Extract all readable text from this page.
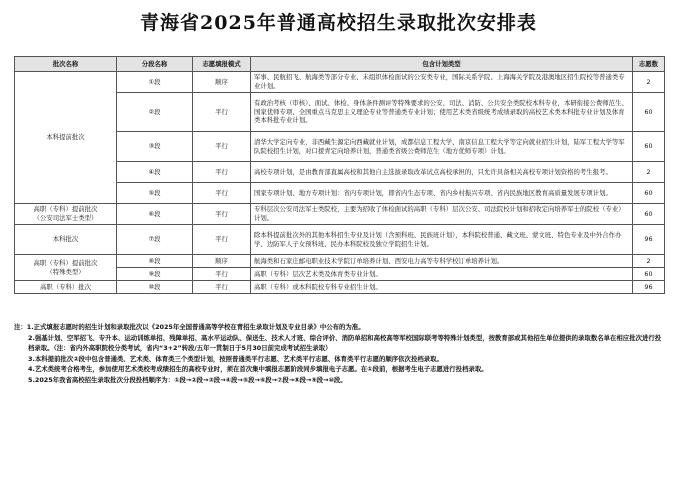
青海省2025年普通高校招生录取批次安排表
批次名称	分段名称	志愿填报模式	包含计划类型	志愿数
本科提前批次	①段	顺序	军事、民航招飞、航海类等部分专业、未组织体检面试的公安类专业，国际关系学院、上海海关学院及港澳地区招生院校等普通类专业计划。	2
	②段	平行	有政治考核（审核）、面试、体检、身体条件测评等特殊要求的公安、司法、消防、公共安全类院校本科专业，本研衔接公费师范生、国家优师专项、全国重点马克思主义理论专业等普通类专业计划；使用艺术类省级统考成绩录取的高校艺术类本科批专业计划及体育类本科批专业计划。	60
	③段	平行	清华大学定向专业，非西藏生源定向西藏就业计划，成都信息工程大学、南京信息工程大学等定向就业招生计划，陆军工程大学等军队院校招生计划，对口援青定向培养计划，普通类省级公费师范生（地方优师专项）计划。	60
	④段	平行	高校专项计划，是由教育部直属高校和其他自主选拔录取改革试点高校承担的，只允许具备相关高校专项计划资格的考生报考。	2
	⑤段	平行	国家专项计划、地方专项计划：省内专项计划，即省内生态专项、省内乡村振兴专项、省内民族地区教育高质量发展专项计划。	60
高职（专科）提前批次
（公安司法军士类型）	⑥段	平行	专科层次公安司法军士类院校，主要为招收了体检面试的高职（专科）层次公安、司法院校计划和招收定向培养军士的院校（专业）计划。	60
本科批次	⑦段	平行	除本科提前批次外的其他本科招生专业及计划（含预科班、民族班计划），本科院校普通、藏文班、蒙文班、特色专业及中外合作办学、边防军人子女预科班、民办本科院校及独立学院招生计划。	96
高职（专科）提前批次
（特殊类型）	⑧段	顺序	航海类和石家庄邮电职业技术学院订单培养计划、西安电力高等专科学校订单培养计划。	2
	⑨段	平行	高职（专科）层次艺术类及体育类专业计划。	60
高职（专科）批次	⑩段	平行	高职（专科）或本科院校专科专业招生计划。	96

注：1.正式填报志愿时的招生计划和录取批次以《2025年全国普通高等学校在青招生录取计划及专业目录》中公布的为准。

2.强基计划、空军招飞、专升本、运动训练单招、残障单招、高水平运动队、保送生、技术人才班、综合评价、消防单招和高校高等军校国际联考等特殊计划类型，按教育部或其他招生单位提供的录取数名单在相应批次进行投档录取。（注：省内外高职院校分类考试，省内“3+2”转段/五年一贯制日于5月30日前完成考试招生录取）

3.本科提前批次②段中包含普通类、艺术类、体育类三个类型计划，按照普通类平行志愿、艺术类平行志愿、体育类平行志愿的顺序依次投档录取。

4.艺术类统考合格考生，参加使用艺术类校考成绩招生的高校专业时，须在首次集中填报志愿阶段同步填报电子志愿。在①段前，根据考生电子志愿进行投档录取。

5.2025年我省高校招生录取批次分段投档顺序为：①段→②段→③段→④段→⑤段→⑥段→⑦段→⑧段→⑨段→⑩段。
